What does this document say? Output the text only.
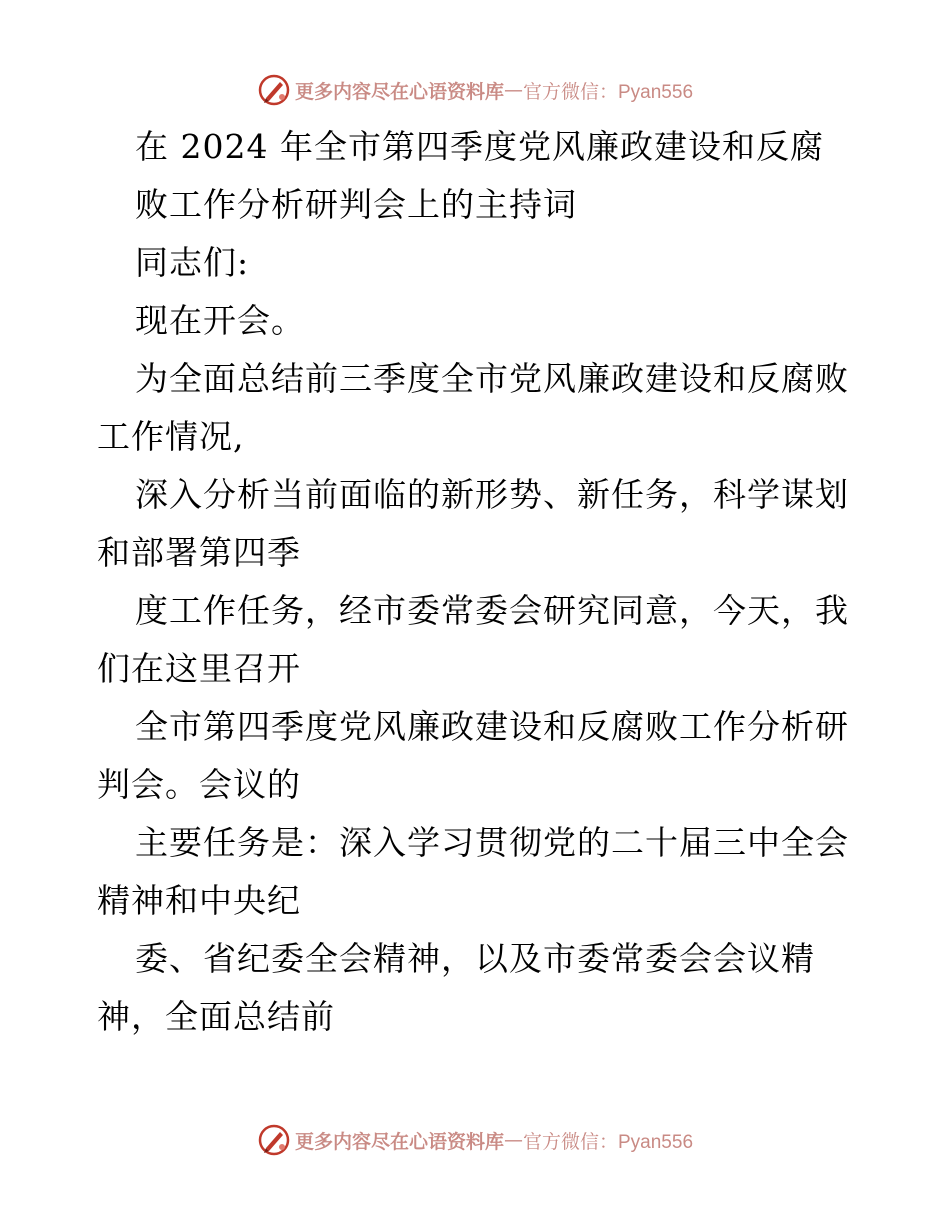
更多内容尽在心语资料库 — 官方微信：Pyan556
在 2024 年全市第四季度党风廉政建设和反腐
败工作分析研判会上的主持词
同志们:
现在开会。
为全面总结前三季度全市党风廉政建设和反腐败
工作情况,
深入分析当前面临的新形势、新任务，科学谋划
和部署第四季
度工作任务，经市委常委会研究同意，今天，我
们在这里召开
全市第四季度党风廉政建设和反腐败工作分析研
判会。会议的
主要任务是：深入学习贯彻党的二十届三中全会
精神和中央纪
委、省纪委全会精神，以及市委常委会会议精
神，全面总结前
更多内容尽在心语资料库 — 官方微信：Pyan556
